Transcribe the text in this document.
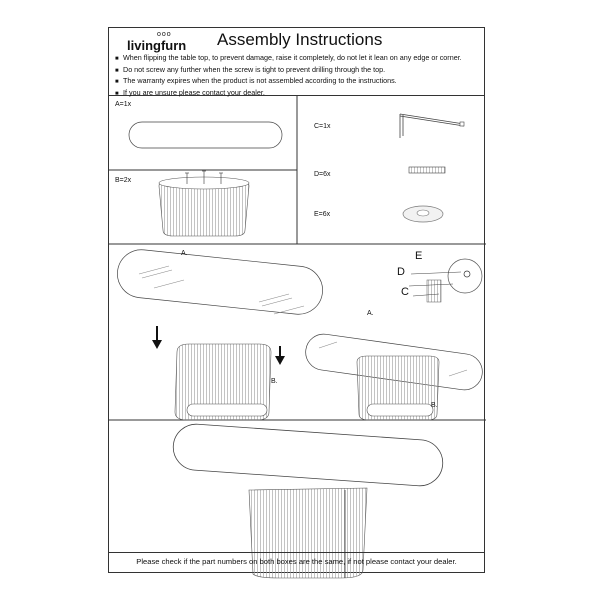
ooo
livingfurn Assembly Instructions
■ When flipping the table top, to prevent damage, raise it completely, do not let it lean on any edge or corner.
■ Do not screw any further when the screw is tight to prevent drilling through the top.
■ The warranty expires when the product is not assembled according to the instructions.
■ If you are unsure please contact your dealer.
A=1x
B=2x
C=1x
D=6x
E=6x
A.
B.
A.
B.
E
D
C
Please check if the part numbers on both boxes are the same, if not please contact your dealer.
